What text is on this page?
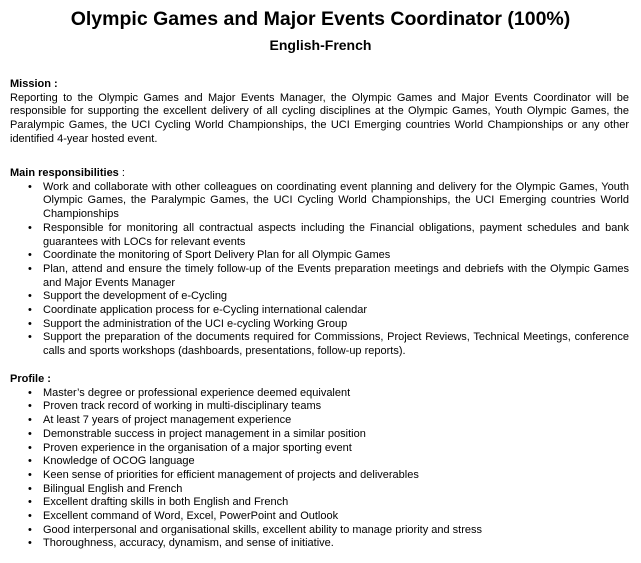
Olympic Games and Major Events Coordinator (100%)
English-French
Mission :
Reporting to the Olympic Games and Major Events Manager, the Olympic Games and Major Events Coordinator will be responsible for supporting the excellent delivery of all cycling disciplines at the Olympic Games, Youth Olympic Games, the Paralympic Games, the UCI Cycling World Championships, the UCI Emerging countries World Championships or any other identified 4-year hosted event.
Main responsibilities :
• Work and collaborate with other colleagues on coordinating event planning and delivery for the Olympic Games, Youth Olympic Games, the Paralympic Games, the UCI Cycling World Championships, the UCI Emerging countries World Championships
• Responsible for monitoring all contractual aspects including the Financial obligations, payment schedules and bank guarantees with LOCs for relevant events
• Coordinate the monitoring of Sport Delivery Plan for all Olympic Games
• Plan, attend and ensure the timely follow-up of the Events preparation meetings and debriefs with the Olympic Games and Major Events Manager
• Support the development of e-Cycling
• Coordinate application process for e-Cycling international calendar
• Support the administration of the UCI e-cycling Working Group
• Support the preparation of the documents required for Commissions, Project Reviews, Technical Meetings, conference calls and sports workshops (dashboards, presentations, follow-up reports).
Profile :
• Master’s degree or professional experience deemed equivalent
• Proven track record of working in multi-disciplinary teams
• At least 7 years of project management experience
• Demonstrable success in project management in a similar position
• Proven experience in the organisation of a major sporting event
• Knowledge of OCOG language
• Keen sense of priorities for efficient management of projects and deliverables
• Bilingual English and French
• Excellent drafting skills in both English and French
• Excellent command of Word, Excel, PowerPoint and Outlook
• Good interpersonal and organisational skills, excellent ability to manage priority and stress
• Thoroughness, accuracy, dynamism, and sense of initiative.
